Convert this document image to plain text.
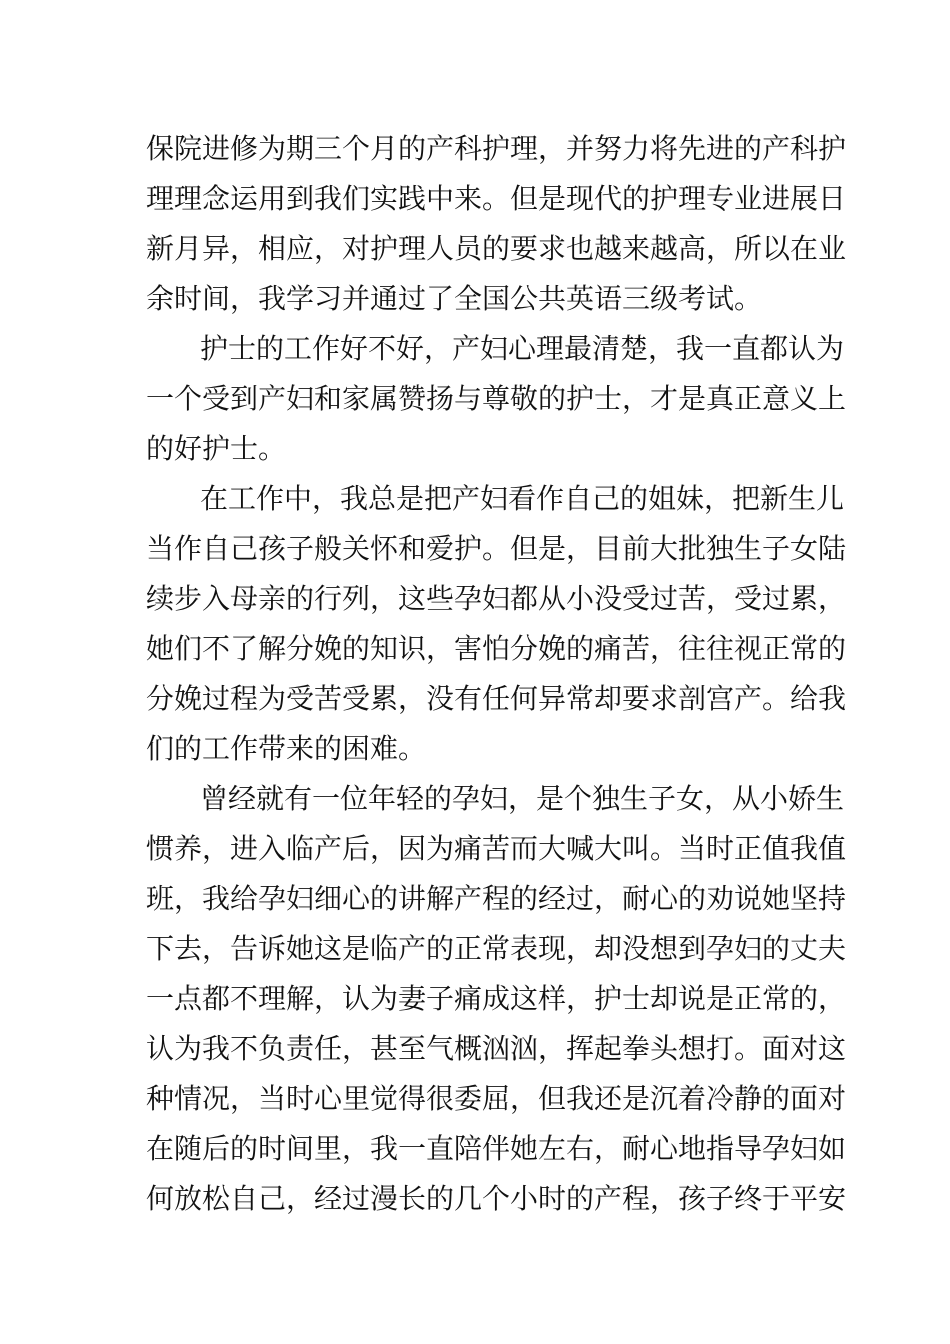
保院进修为期三个月的产科护理，并努力将先进的产科护

理理念运用到我们实践中来。但是现代的护理专业进展日

新月异，相应，对护理人员的要求也越来越高，所以在业

余时间，我学习并通过了全国公共英语三级考试。

护士的工作好不好，产妇心理最清楚，我一直都认为

一个受到产妇和家属赞扬与尊敬的护士，才是真正意义上

的好护士。

在工作中，我总是把产妇看作自己的姐妹，把新生儿

当作自己孩子般关怀和爱护。但是，目前大批独生子女陆

续步入母亲的行列，这些孕妇都从小没受过苦，受过累，

她们不了解分娩的知识，害怕分娩的痛苦，往往视正常的

分娩过程为受苦受累，没有任何异常却要求剖宫产。给我

们的工作带来的困难。

曾经就有一位年轻的孕妇，是个独生子女，从小娇生

惯养，进入临产后，因为痛苦而大喊大叫。当时正值我值

班，我给孕妇细心的讲解产程的经过，耐心的劝说她坚持

下去，告诉她这是临产的正常表现，却没想到孕妇的丈夫

一点都不理解，认为妻子痛成这样，护士却说是正常的，

认为我不负责任，甚至气概汹汹，挥起拳头想打。面对这

种情况，当时心里觉得很委屈，但我还是沉着冷静的面对

在随后的时间里，我一直陪伴她左右，耐心地指导孕妇如

何放松自己，经过漫长的几个小时的产程，孩子终于平安
